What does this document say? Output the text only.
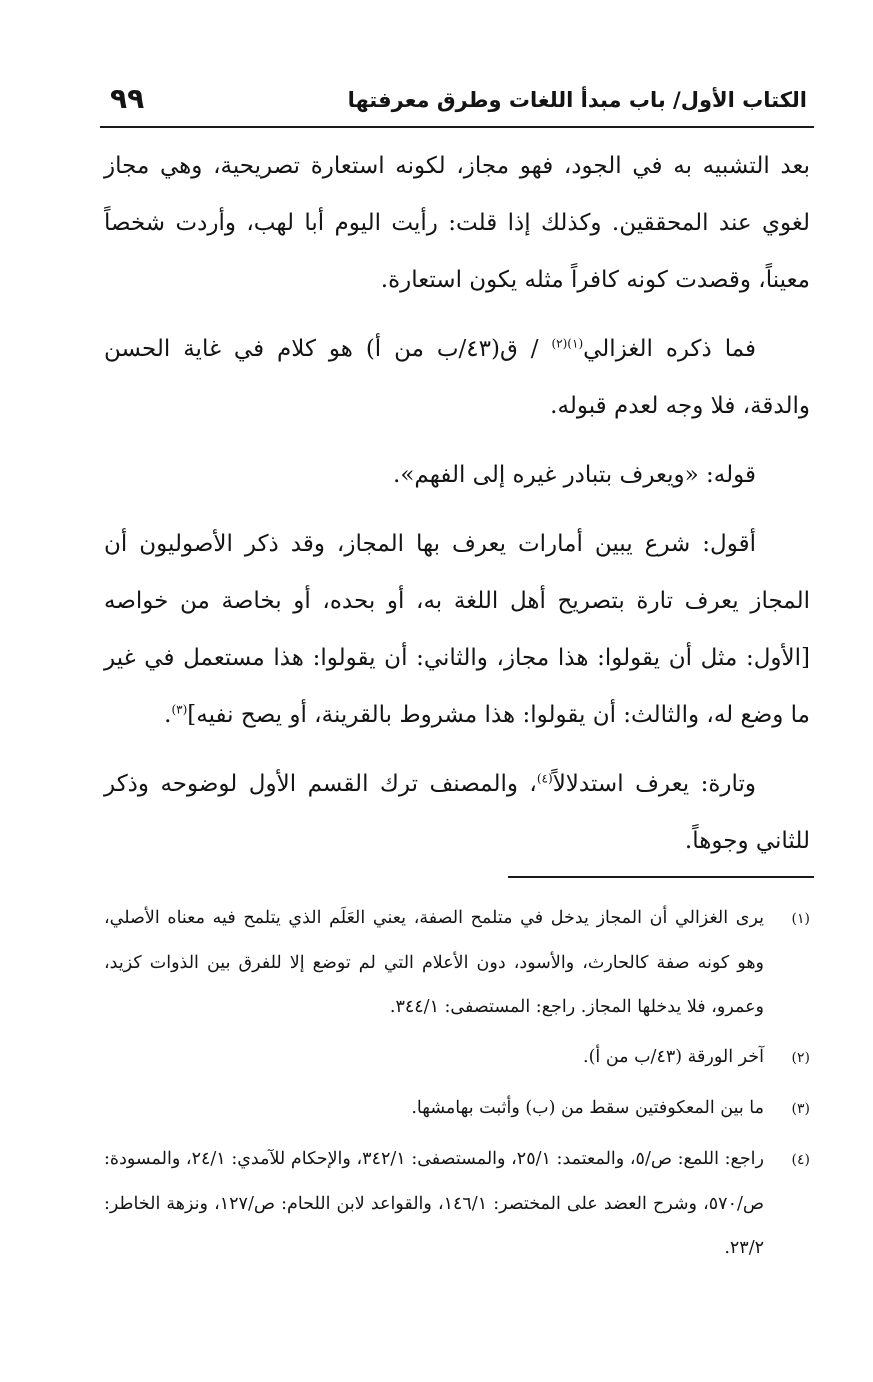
٩٩	الكتاب الأول/ باب مبدأ اللغات وطرق معرفتها

بعد التشبيه به في الجود، فهو مجاز، لكونه استعارة تصريحية، وهي مجاز لغوي عند المحققين. وكذلك إذا قلت: رأيت اليوم أبا لهب، وأردت شخصاً معيناً، وقصدت كونه كافراً مثله يكون استعارة.

فما ذكره الغزالي$^{(١)(٢)}$ / ق(٤٣/ب من أ) هو كلام في غاية الحسن والدقة، فلا وجه لعدم قبوله.

قوله: «ويعرف بتبادر غيره إلى الفهم».

أقول: شرع يبين أمارات يعرف بها المجاز، وقد ذكر الأصوليون أن المجاز يعرف تارة بتصريح أهل اللغة به، أو بحده، أو بخاصة من خواصه [الأول: مثل أن يقولوا: هذا مجاز، والثاني: أن يقولوا: هذا مستعمل في غير ما وضع له، والثالث: أن يقولوا: هذا مشروط بالقرينة، أو يصح نفيه]$^{(٣)}$.

وتارة: يعرف استدلالاً$^{(٤)}$، والمصنف ترك القسم الأول لوضوحه وذكر للثاني وجوهاً.

(١)يرى الغزالي أن المجاز يدخل في متلمح الصفة، يعني العَلَم الذي يتلمح فيه معناه الأصلي، وهو كونه صفة كالحارث، والأسود، دون الأعلام التي لم توضع إلا للفرق بين الذوات كزيد، وعمرو، فلا يدخلها المجاز. راجع: المستصفى: ٣٤٤/١.

(٢)آخر الورقة (٤٣/ب من أ).

(٣)ما بين المعكوفتين سقط من (ب) وأثبت بهامشها.

(٤)راجع: اللمع: ص/٥، والمعتمد: ٢٥/١، والمستصفى: ٣٤٢/١، والإحكام للآمدي: ٢٤/١، والمسودة: ص/٥٧٠، وشرح العضد على المختصر: ١٤٦/١، والقواعد لابن اللحام: ص/١٢٧، ونزهة الخاطر: ٢٣/٢.
